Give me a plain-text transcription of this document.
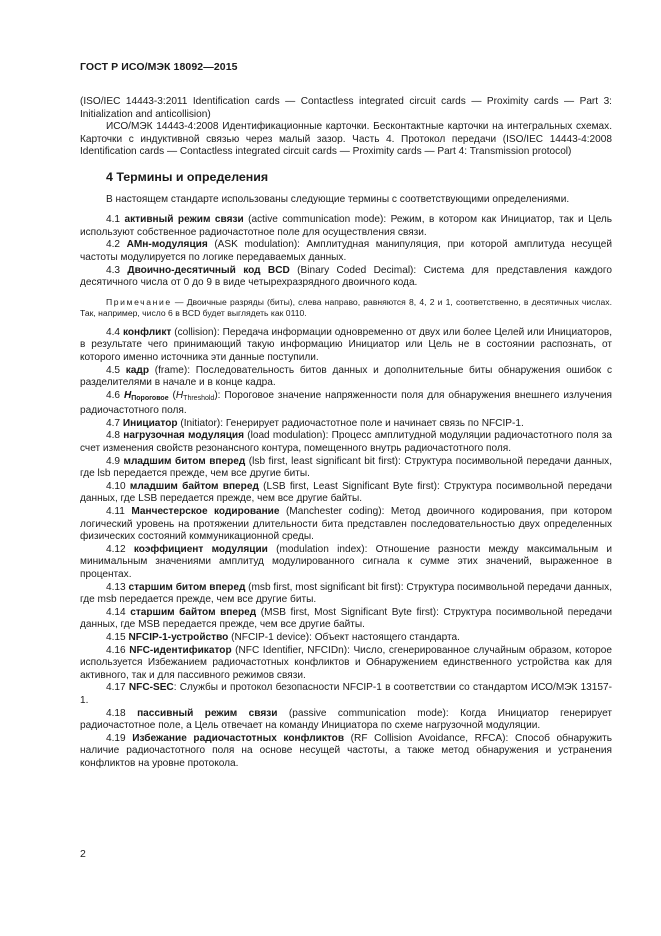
ГОСТ Р ИСО/МЭК 18092—2015

(ISO/IEC 14443-3:2011 Identification cards — Contactless integrated circuit cards — Proximity cards — Part 3: Initialization and anticollision)

ИСО/МЭК 14443-4:2008 Идентификационные карточки. Бесконтактные карточки на интегральных схемах. Карточки с индуктивной связью через малый зазор. Часть 4. Протокол передачи (ISO/IEC 14443-4:2008 Identification cards — Contactless integrated circuit cards — Proximity cards — Part 4: Transmission protocol)

4 Термины и определения

В настоящем стандарте использованы следующие термины с соответствующими определениями.

4.1 активный режим связи (active communication mode): Режим, в котором как Инициатор, так и Цель используют собственное радиочастотное поле для осуществления связи.

4.2 АМн-модуляция (ASK modulation): Амплитудная манипуляция, при которой амплитуда несущей частоты модулируется по логике передаваемых данных.

4.3 Двоично-десятичный код BCD (Binary Coded Decimal): Система для представления каждого десятичного числа от 0 до 9 в виде четырехразрядного двоичного кода.

Примечание — Двоичные разряды (биты), слева направо, равняются 8, 4, 2 и 1, соответственно, в десятичных числах. Так, например, число 6 в BCD будет выглядеть как 0110.

4.4 конфликт (collision): Передача информации одновременно от двух или более Целей или Инициаторов, в результате чего принимающий такую информацию Инициатор или Цель не в состоянии распознать, от которого именно источника эти данные поступили.

4.5 кадр (frame): Последовательность битов данных и дополнительные биты обнаружения ошибок с разделителями в начале и в конце кадра.

4.6 $H_{Пороговое}$ $(H_{Threshold})$: Пороговое значение напряженности поля для обнаружения внешнего излучения радиочастотного поля.

4.7 Инициатор (Initiator): Генерирует радиочастотное поле и начинает связь по NFCIP-1.

4.8 нагрузочная модуляция (load modulation): Процесс амплитудной модуляции радиочастотного поля за счет изменения свойств резонансного контура, помещенного внутрь радиочастотного поля.

4.9 младшим битом вперед (lsb first, least significant bit first): Структура посимвольной передачи данных, где lsb передается прежде, чем все другие биты.

4.10 младшим байтом вперед (LSB first, Least Significant Byte first): Структура посимвольной передачи данных, где LSB передается прежде, чем все другие байты.

4.11 Манчестерское кодирование (Manchester coding): Метод двоичного кодирования, при котором логический уровень на протяжении длительности бита представлен последовательностью двух определенных физических состояний коммуникационной среды.

4.12 коэффициент модуляции (modulation index): Отношение разности между максимальным и минимальным значениями амплитуд модулированного сигнала к сумме этих значений, выраженное в процентах.

4.13 старшим битом вперед (msb first, most significant bit first): Структура посимвольной передачи данных, где msb передается прежде, чем все другие биты.

4.14 старшим байтом вперед (MSB first, Most Significant Byte first): Структура посимвольной передачи данных, где MSB передается прежде, чем все другие байты.

4.15 NFCIP-1-устройство (NFCIP-1 device): Объект настоящего стандарта.

4.16 NFC-идентификатор (NFC Identifier, NFCIDn): Число, сгенерированное случайным образом, которое используется Избежанием радиочастотных конфликтов и Обнаружением единственного устройства как для активного, так и для пассивного режимов связи.

4.17 NFC-SEC: Службы и протокол безопасности NFCIP-1 в соответствии со стандартом ИСО/МЭК 13157-1.

4.18 пассивный режим связи (passive communication mode): Когда Инициатор генерирует радиочастотное поле, а Цель отвечает на команду Инициатора по схеме нагрузочной модуляции.

4.19 Избежание радиочастотных конфликтов (RF Collision Avoidance, RFCA): Способ обнаружить наличие радиочастотного поля на основе несущей частоты, а также метод обнаружения и устранения конфликтов на уровне протокола.

2
